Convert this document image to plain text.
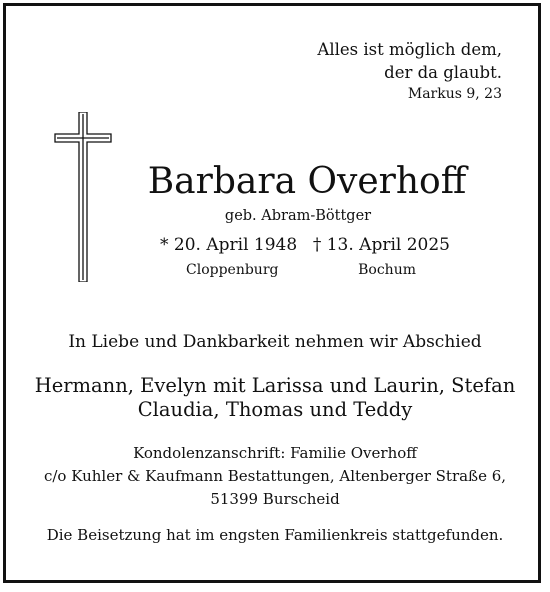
Alles ist möglich dem,
der da glaubt.
Markus 9, 23
Barbara Overhoff
geb. Abram-Böttger
* 20. April 1948 † 13. April 2025
Cloppenburg	Bochum
In Liebe und Dankbarkeit nehmen wir Abschied
Hermann, Evelyn mit Larissa und Laurin, Stefan
Claudia, Thomas und Teddy
Kondolenzanschrift: Familie Overhoff
c/o Kuhler & Kaufmann Bestattungen, Altenberger Straße 6,
51399 Burscheid
Die Beisetzung hat im engsten Familienkreis stattgefunden.
